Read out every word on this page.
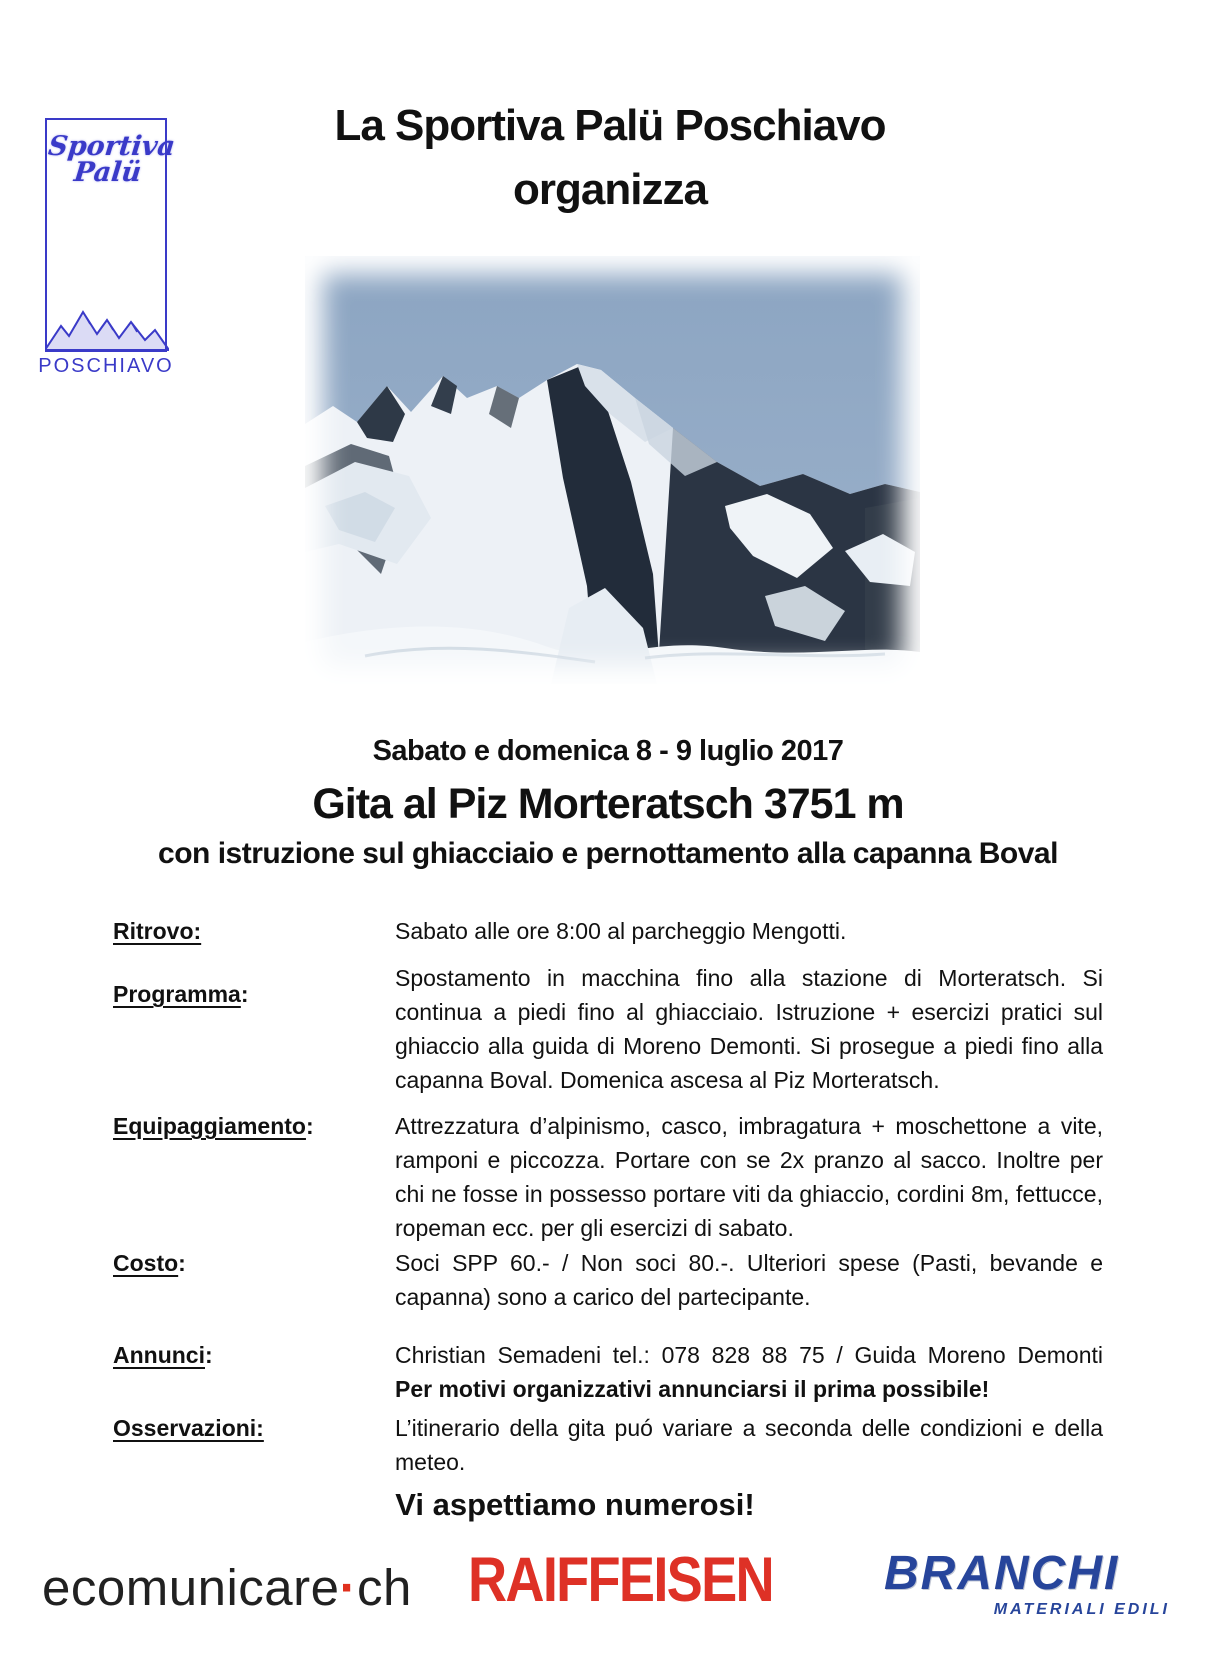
Sportiva
Palü
POSCHIAVO
La Sportiva Palü Poschiavo
organizza
Sabato e domenica 8 - 9 luglio 2017
Gita al Piz Morteratsch 3751 m
con istruzione sul ghiacciaio e pernottamento alla capanna Boval
Ritrovo:	Sabato alle ore 8:00 al parcheggio Mengotti.
Programma:
Spostamento in macchina fino alla stazione di Morteratsch. Si continua a piedi fino al ghiacciaio. Istruzione + esercizi pratici sul ghiaccio alla guida di Moreno Demonti. Si prosegue a piedi fino alla capanna Boval. Domenica ascesa al Piz Morteratsch.
Equipaggiamento:	Attrezzatura d’alpinismo, casco, imbragatura + moschettone a vite, ramponi e piccozza. Portare con se 2x pranzo al sacco. Inoltre per chi ne fosse in possesso portare viti da ghiaccio, cordini 8m, fettucce, ropeman ecc. per gli esercizi di sabato.
Costo:	Soci SPP 60.- / Non soci 80.-. Ulteriori spese (Pasti, bevande e capanna) sono a carico del partecipante.
Annunci:	Christian Semadeni tel.: 078 828 88 75 / Guida Moreno Demonti
Per motivi organizzativi annunciarsi il prima possibile!
Osservazioni:	L’itinerario della gita puó variare a seconda delle condizioni e della meteo.
Vi aspettiamo numerosi!
ecomunicare·ch RAIFFEISEN BRANCHI
MATERIALI EDILI
